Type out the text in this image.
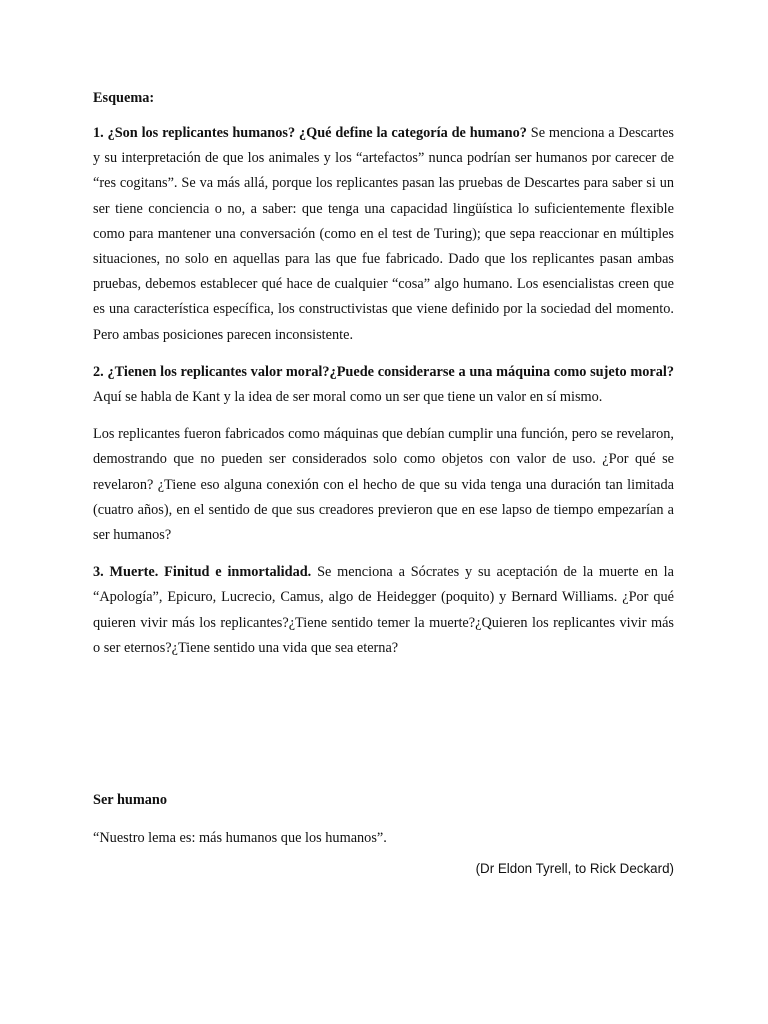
Esquema:

1. ¿Son los replicantes humanos? ¿Qué define la categoría de humano? Se menciona a Descartes y su interpretación de que los animales y los “artefactos” nunca podrían ser humanos por carecer de “res cogitans”. Se va más allá, porque los replicantes pasan las pruebas de Descartes para saber si un ser tiene conciencia o no, a saber: que tenga una capacidad lingüística lo suficientemente flexible como para mantener una conversación (como en el test de Turing); que sepa reaccionar en múltiples situaciones, no solo en aquellas para las que fue fabricado. Dado que los replicantes pasan ambas pruebas, debemos establecer qué hace de cualquier “cosa” algo humano. Los esencialistas creen que es una característica específica, los constructivistas que viene definido por la sociedad del momento. Pero ambas posiciones parecen inconsistente.

2. ¿Tienen los replicantes valor moral?¿Puede considerarse a una máquina como sujeto moral? Aquí se habla de Kant y la idea de ser moral como un ser que tiene un valor en sí mismo.

Los replicantes fueron fabricados como máquinas que debían cumplir una función, pero se revelaron, demostrando que no pueden ser considerados solo como objetos con valor de uso. ¿Por qué se revelaron? ¿Tiene eso alguna conexión con el hecho de que su vida tenga una duración tan limitada (cuatro años), en el sentido de que sus creadores previeron que en ese lapso de tiempo empezarían a ser humanos?

3. Muerte. Finitud e inmortalidad. Se menciona a Sócrates y su aceptación de la muerte en la “Apología”, Epicuro, Lucrecio, Camus, algo de Heidegger (poquito) y Bernard Williams. ¿Por qué quieren vivir más los replicantes?¿Tiene sentido temer la muerte?¿Quieren los replicantes vivir más o ser eternos?¿Tiene sentido una vida que sea eterna?

Ser humano

“Nuestro lema es: más humanos que los humanos”.

(Dr Eldon Tyrell, to Rick Deckard)
